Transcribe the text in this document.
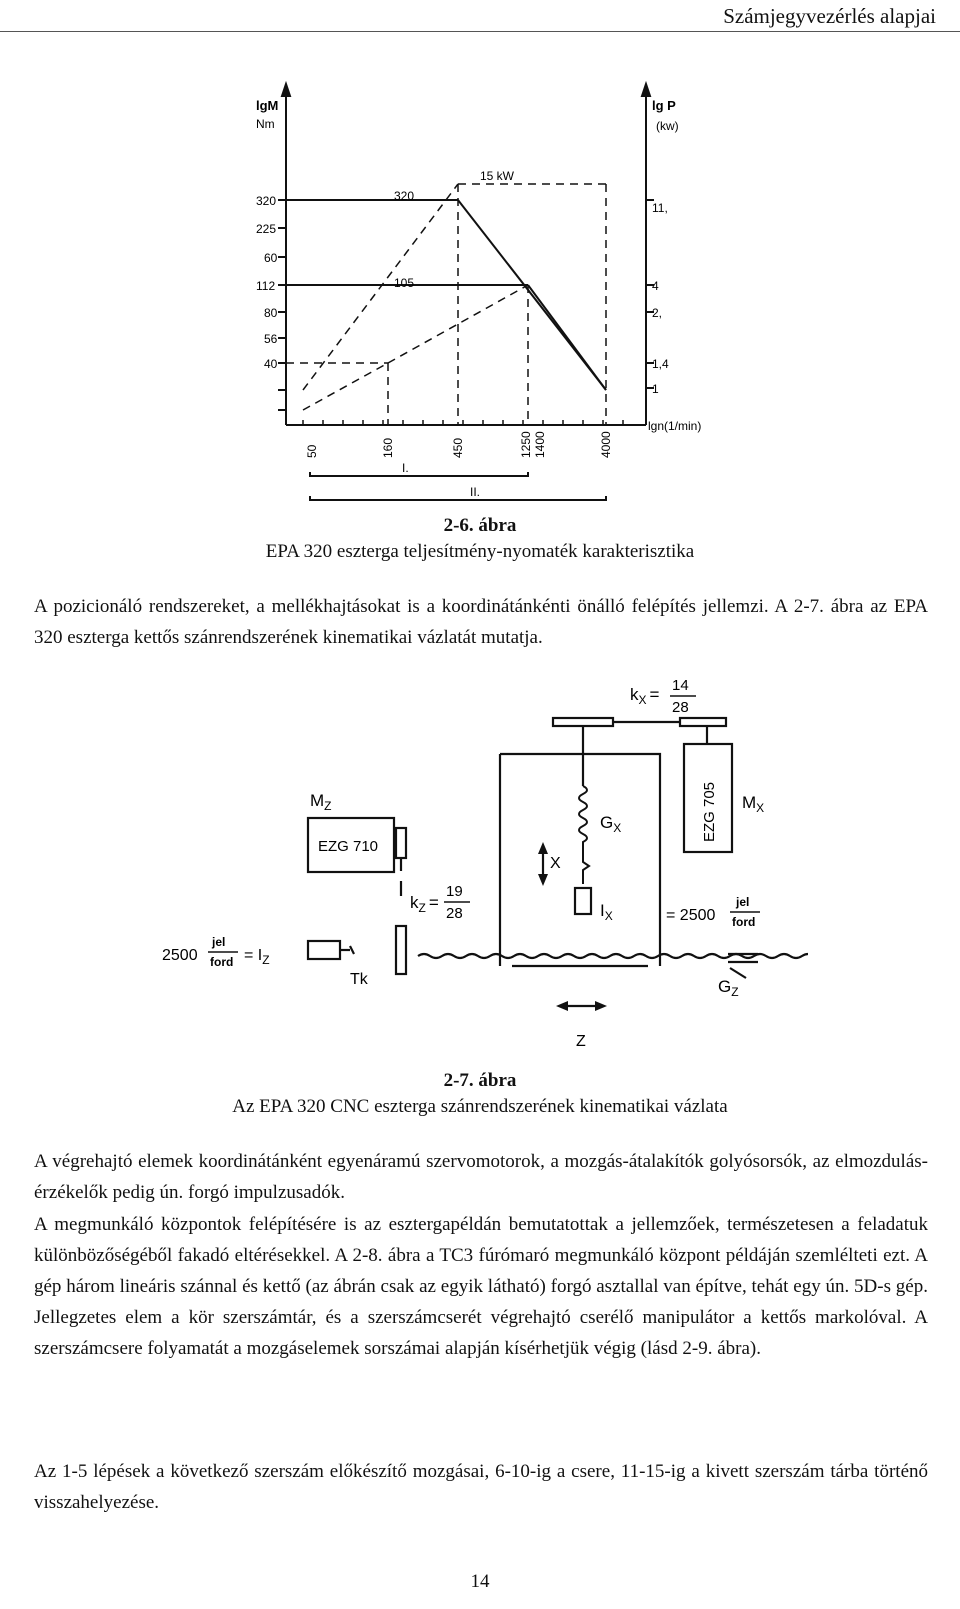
Számjegyvezérlés alapjai
lgM
Nm
320
225
60
112
80
56
40
lg P
(kw)
11,
4
2,
1,4
1
lgn(1/min)
50	160	450	1250 1400	4000
15 kW
320
105
I.
II.
2-6. ábra
EPA 320 eszterga teljesítmény-nyomaték karakterisztika
A pozicionáló rendszereket, a mellékhajtásokat is a koordinátánkénti önálló felépítés jellemzi. A 2-7. ábra az EPA 320 eszterga kettős szánrendszerének kinematikai vázlatát mutatja.
$M_Z$
EZG 710
$k_Z$ =
19
28
$k_X = 14$
28
EZG 705 $M_X$
$G_X$
$I_X$
X
Z
$G_Z$
Tk
2500
jel
ford = $I_Z$
= 2500
jel
ford
2-7. ábra
Az EPA 320 CNC eszterga szánrendszerének kinematikai vázlata
A végrehajtó elemek koordinátánként egyenáramú szervomotorok, a mozgás-átalakítók golyósorsók, az elmozdulás-érzékelők pedig ún. forgó impulzusadók.
A megmunkáló központok felépítésére is az esztergapéldán bemutatottak a jellemzőek, természetesen a feladatuk különbözőségéből fakadó eltérésekkel. A 2-8. ábra a TC3 fúrómaró megmunkáló központ példáján szemlélteti ezt. A gép három lineáris szánnal és kettő (az ábrán csak az egyik látható) forgó asztallal van építve, tehát egy ún. 5D-s gép. Jellegzetes elem a kör szerszámtár, és a szerszámcserét végrehajtó cserélő manipulátor a kettős markolóval. A szerszámcsere folyamatát a mozgáselemek sorszámai alapján kísérhetjük végig (lásd 2-9. ábra).
Az 1-5 lépések a következő szerszám előkészítő mozgásai, 6-10-ig a csere, 11-15-ig a kivett szerszám tárba történő visszahelyezése.
14
